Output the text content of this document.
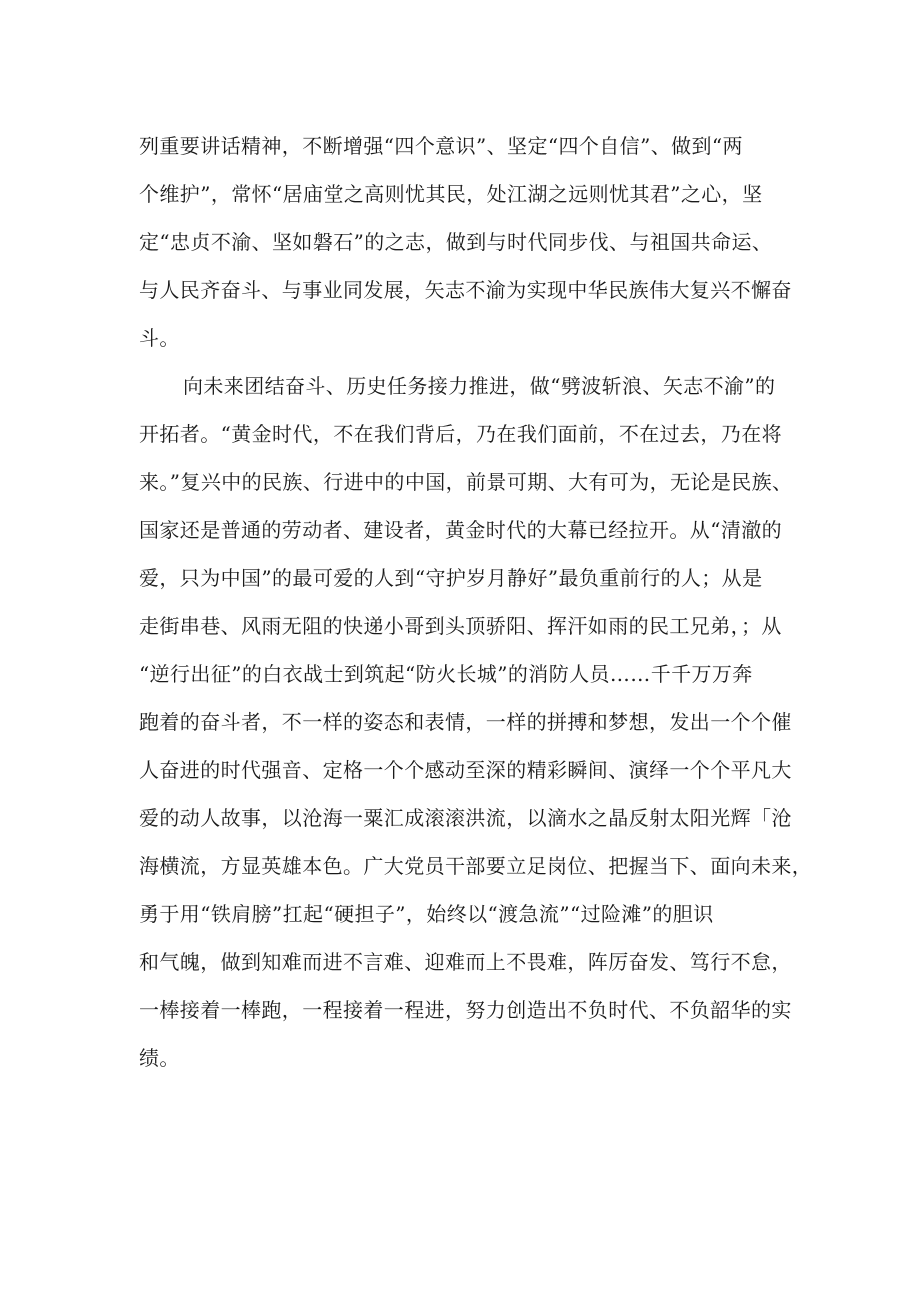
列重要讲话精神，不断增强“四个意识”、坚定“四个自信”、做到“两
个维护”，常怀“居庙堂之高则忧其民，处江湖之远则忧其君”之心，坚
定“忠贞不渝、坚如磐石”的之志，做到与时代同步伐、与祖国共命运、
与人民齐奋斗、与事业同发展，矢志不渝为实现中华民族伟大复兴不懈奋
斗。
向未来团结奋斗、历史任务接力推进，做“劈波斩浪、矢志不渝”的
开拓者。“黄金时代，不在我们背后，乃在我们面前，不在过去，乃在将
来。”复兴中的民族、行进中的中国，前景可期、大有可为，无论是民族、
国家还是普通的劳动者、建设者，黄金时代的大幕已经拉开。从“清澈的
爱，只为中国”的最可爱的人到“守护岁月静好”最负重前行的人；从是
走街串巷、风雨无阻的快递小哥到头顶骄阳、挥汗如雨的民工兄弟，；从
“逆行出征”的白衣战士到筑起“防火长城”的消防人员……千千万万奔
跑着的奋斗者，不一样的姿态和表情，一样的拼搏和梦想，发出一个个催
人奋进的时代强音、定格一个个感动至深的精彩瞬间、演绎一个个平凡大
爱的动人故事，以沧海一粟汇成滚滚洪流，以滴水之晶反射太阳光辉「沧
海横流，方显英雄本色。广大党员干部要立足岗位、把握当下、面向未来，
勇于用“铁肩膀”扛起“硬担子”，始终以“渡急流”“过险滩”的胆识
和气魄，做到知难而进不言难、迎难而上不畏难，阵厉奋发、笃行不怠，
一棒接着一棒跑，一程接着一程进，努力创造出不负时代、不负韶华的实
绩。
